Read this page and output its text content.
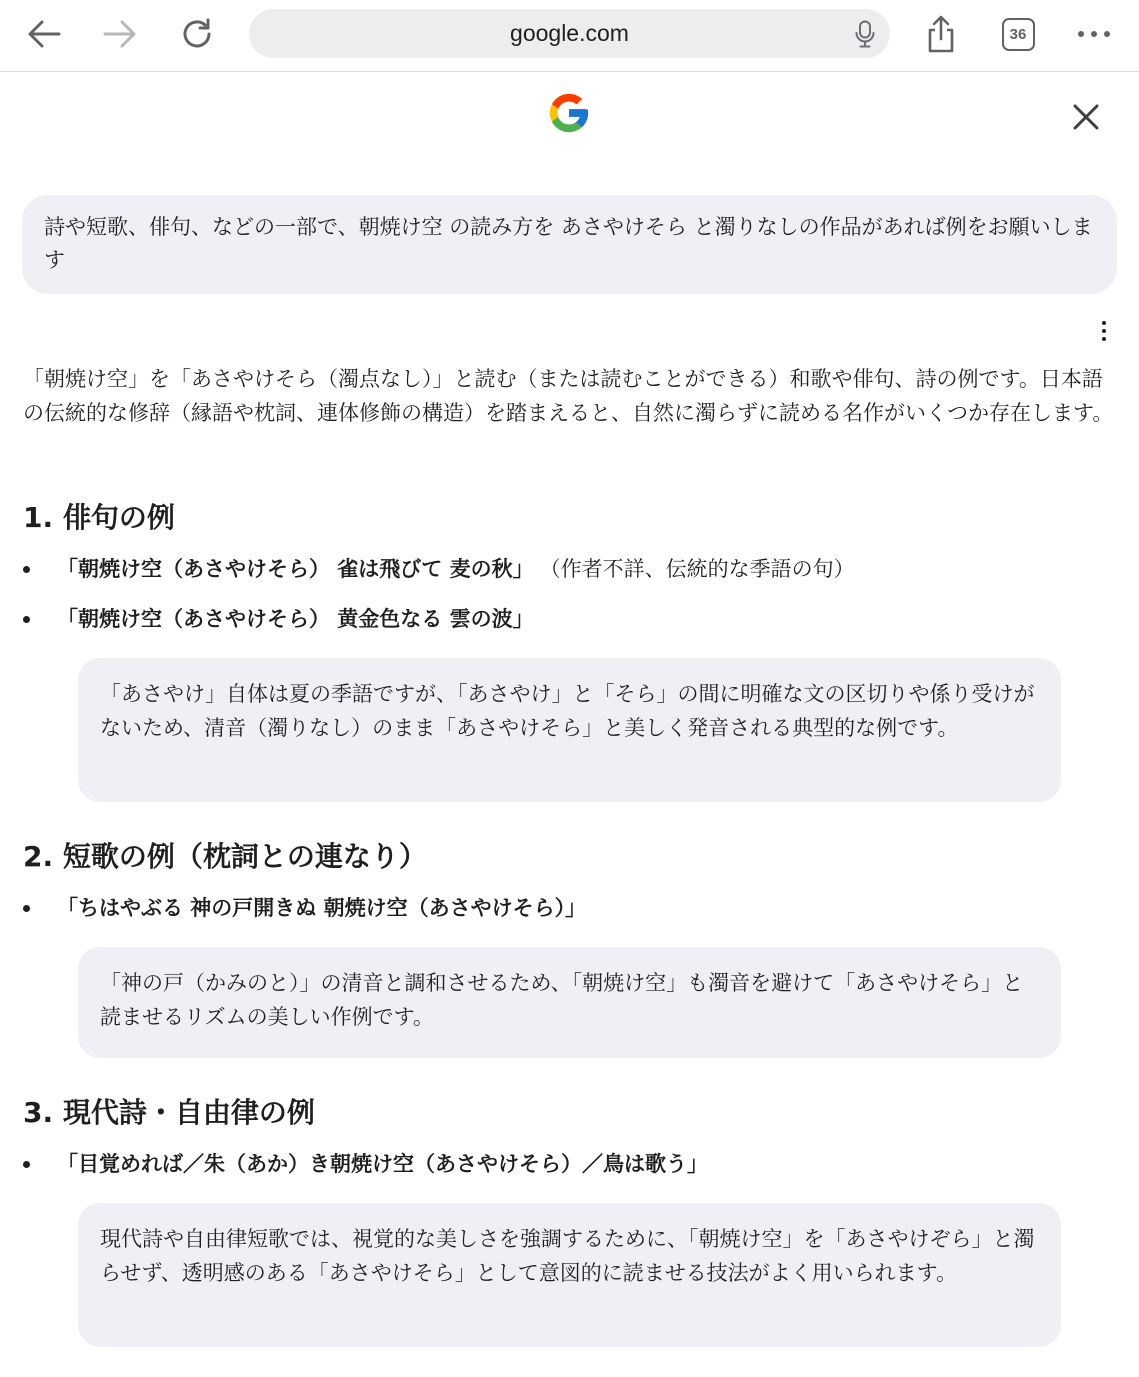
google.com	36
詩や短歌、俳句、などの一部で、朝焼け空 の読み方を あさやけそら と濁りなしの作品があれば例をお願いします

「朝焼け空」を「あさやけそら（濁点なし）」と読む（または読むことができる）和歌や俳句、詩の例です。日本語の伝統的な修辞（縁語や枕詞、連体修飾の構造）を踏まえると、自然に濁らずに読める名作がいくつか存在します。

1. 俳句の例
「朝焼け空（あさやけそら） 雀は飛びて 麦の秋」 （作者不詳、伝統的な季語の句）
「朝焼け空（あさやけそら） 黄金色なる 雲の波」
「あさやけ」自体は夏の季語ですが、「あさやけ」と「そら」の間に明確な文の区切りや係り受けがないため、清音（濁りなし）のまま「あさやけそら」と美しく発音される典型的な例です。
2. 短歌の例（枕詞との連なり）
「ちはやぶる 神の戸開きぬ 朝焼け空（あさやけそら）」
「神の戸（かみのと）」の清音と調和させるため、「朝焼け空」も濁音を避けて「あさやけそら」と読ませるリズムの美しい作例です。
3. 現代詩・自由律の例
「目覚めれば／朱（あか）き朝焼け空（あさやけそら）／鳥は歌う」
現代詩や自由律短歌では、視覚的な美しさを強調するために、「朝焼け空」を「あさやけぞら」と濁らせず、透明感のある「あさやけそら」として意図的に読ませる技法がよく用いられます。
